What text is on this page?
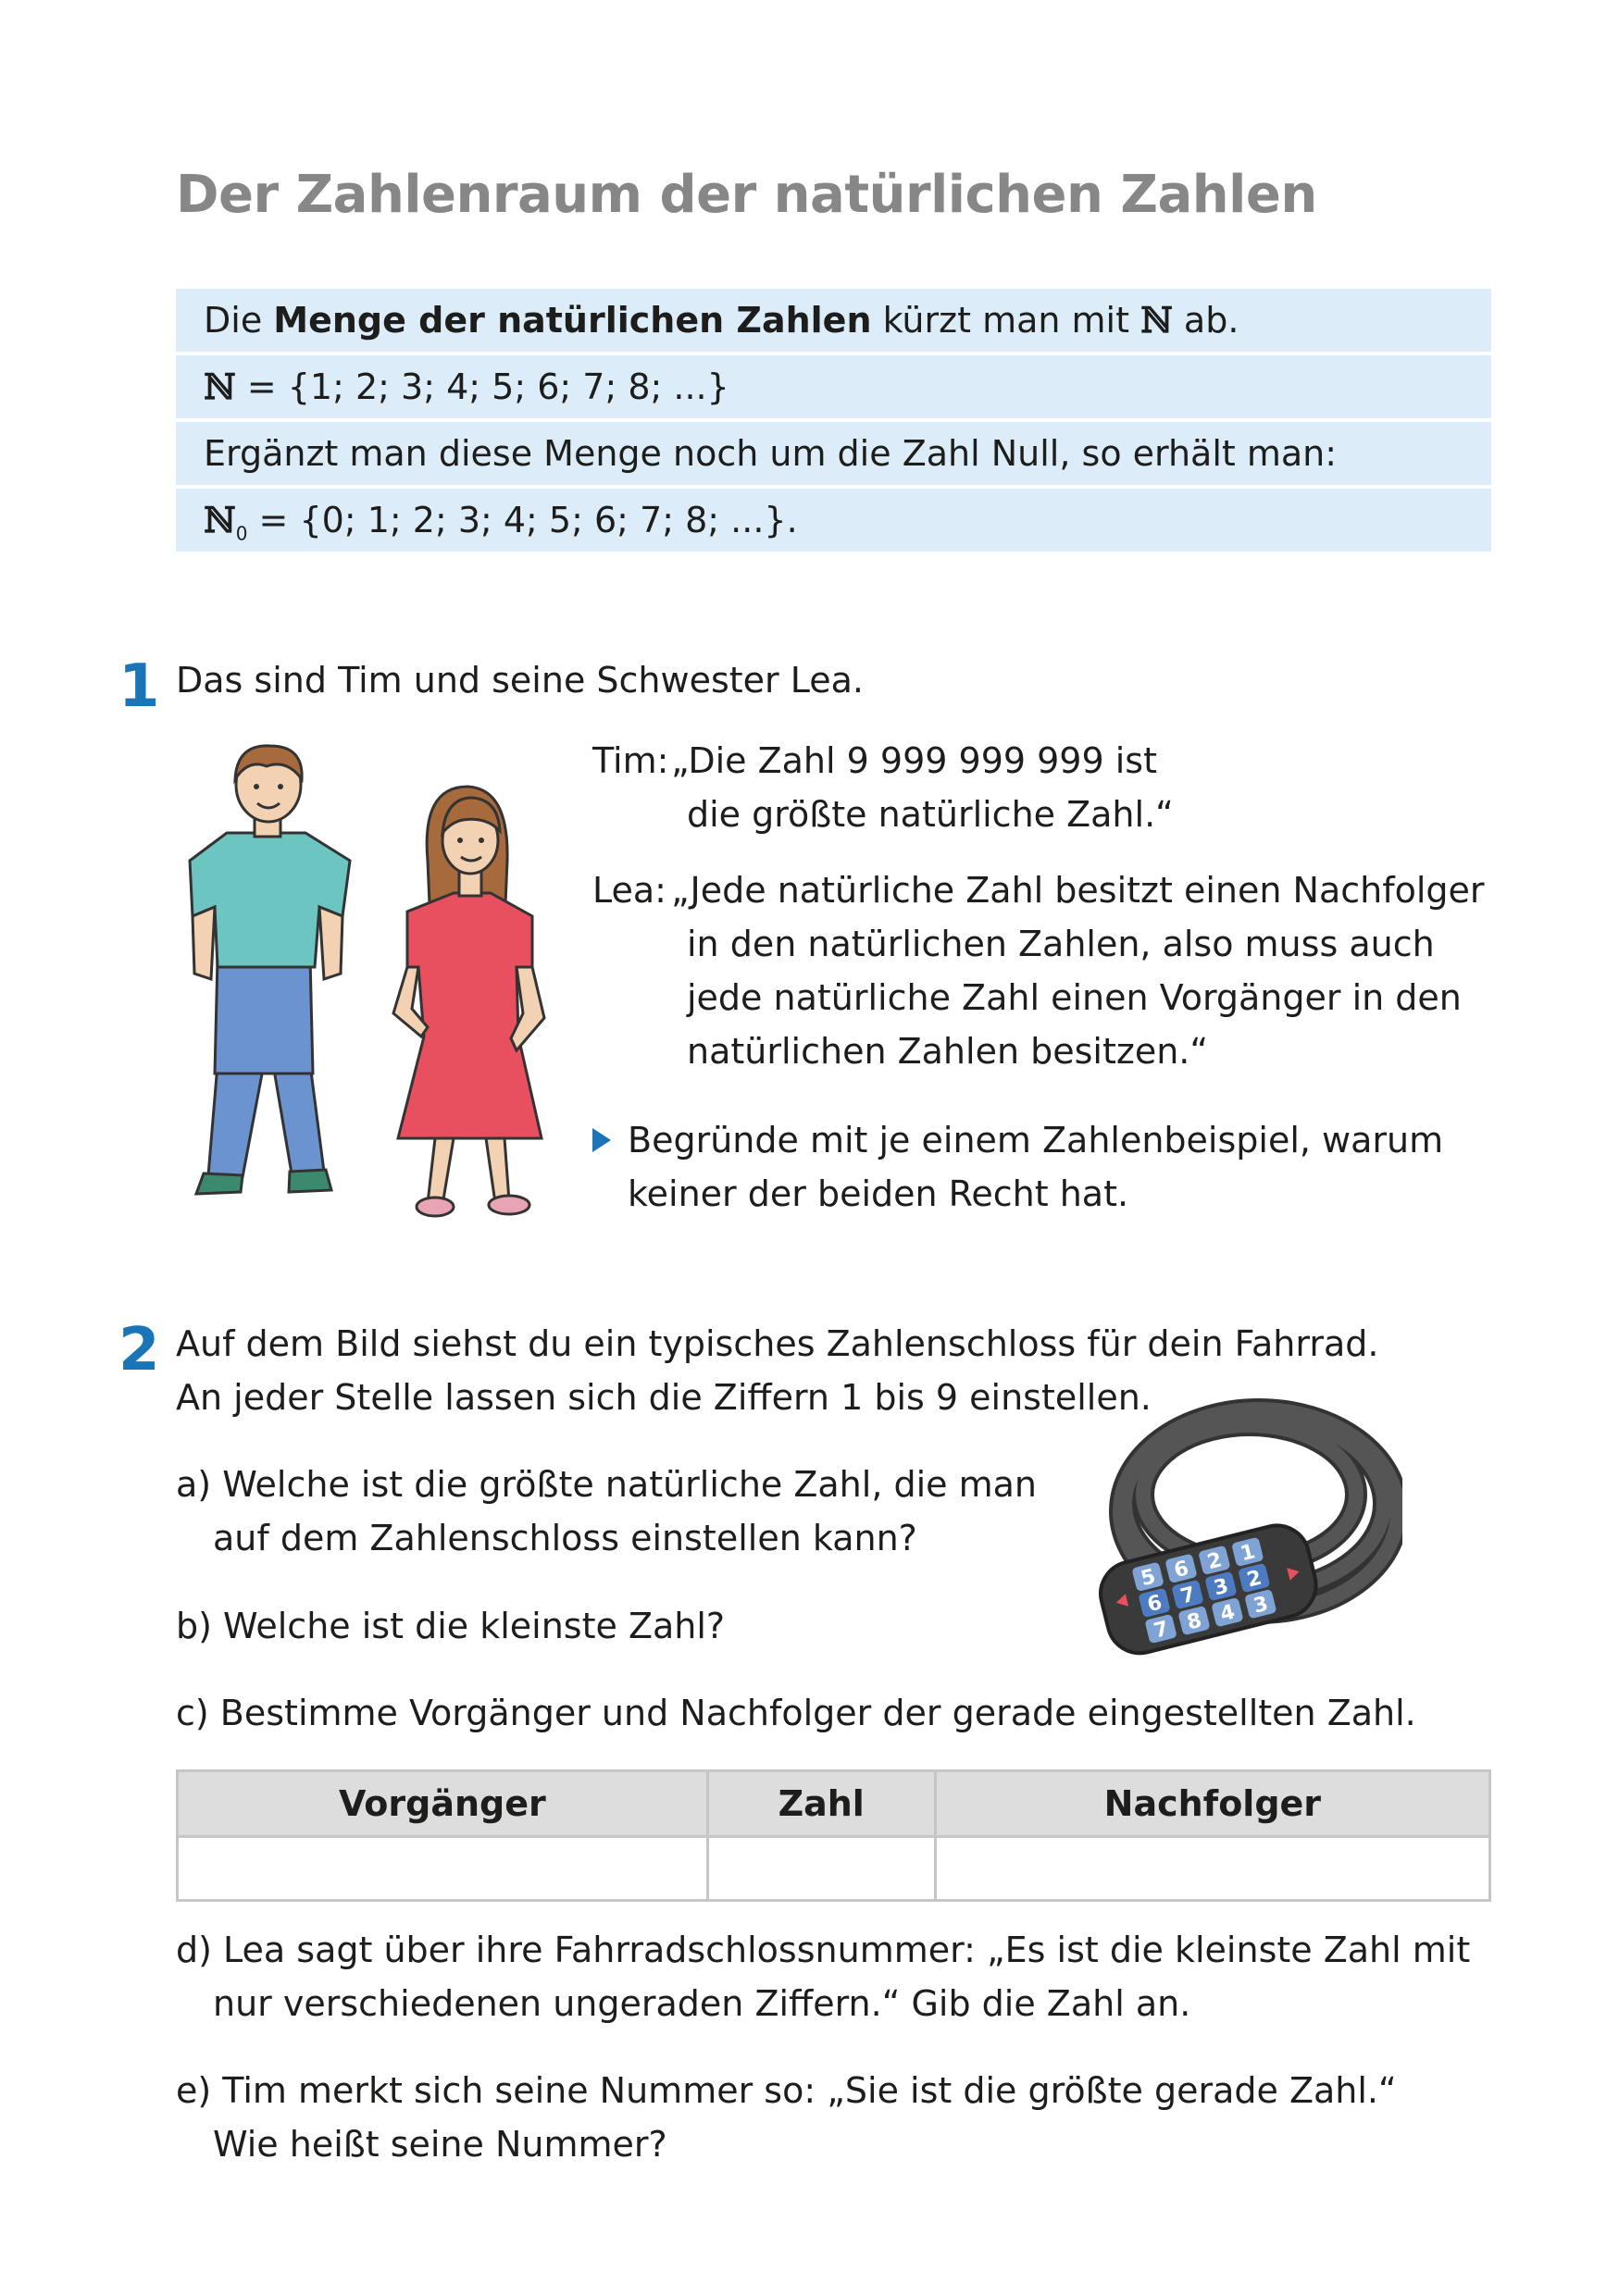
Der Zahlenraum der natürlichen Zahlen
Die Menge der natürlichen Zahlen kürzt man mit ℕ ab.
ℕ = {1; 2; 3; 4; 5; 6; 7; 8; ...}
Ergänzt man diese Menge noch um die Zahl Null, so erhält man:
ℕ$_0$ = {0; 1; 2; 3; 4; 5; 6; 7; 8; ...}.
1 Das sind Tim und seine Schwester Lea.
Tim: „Die Zahl 9 999 999 999 ist
die größte natürliche Zahl.“
Lea: „Jede natürliche Zahl besitzt einen Nachfolger
in den natürlichen Zahlen, also muss auch
jede natürliche Zahl einen Vorgänger in den
natürlichen Zahlen besitzen.“
Begründe mit je einem Zahlenbeispiel, warum
keiner der beiden Recht hat.
2 Auf dem Bild siehst du ein typisches Zahlenschloss für dein Fahrrad.
An jeder Stelle lassen sich die Ziffern 1 bis 9 einstellen.
a) Welche ist die größte natürliche Zahl, die man
auf dem Zahlenschloss einstellen kann?
b) Welche ist die kleinste Zahl?
c) Bestimme Vorgänger und Nachfolger der gerade eingestellten Zahl.
5 6 2 1
6 7 3 2
7 8 4 3
Vorgänger	Zahl	Nachfolger

d) Lea sagt über ihre Fahrradschlossnummer: „Es ist die kleinste Zahl mit
nur verschiedenen ungeraden Ziffern.“ Gib die Zahl an.
e) Tim merkt sich seine Nummer so: „Sie ist die größte gerade Zahl.“
Wie heißt seine Nummer?
